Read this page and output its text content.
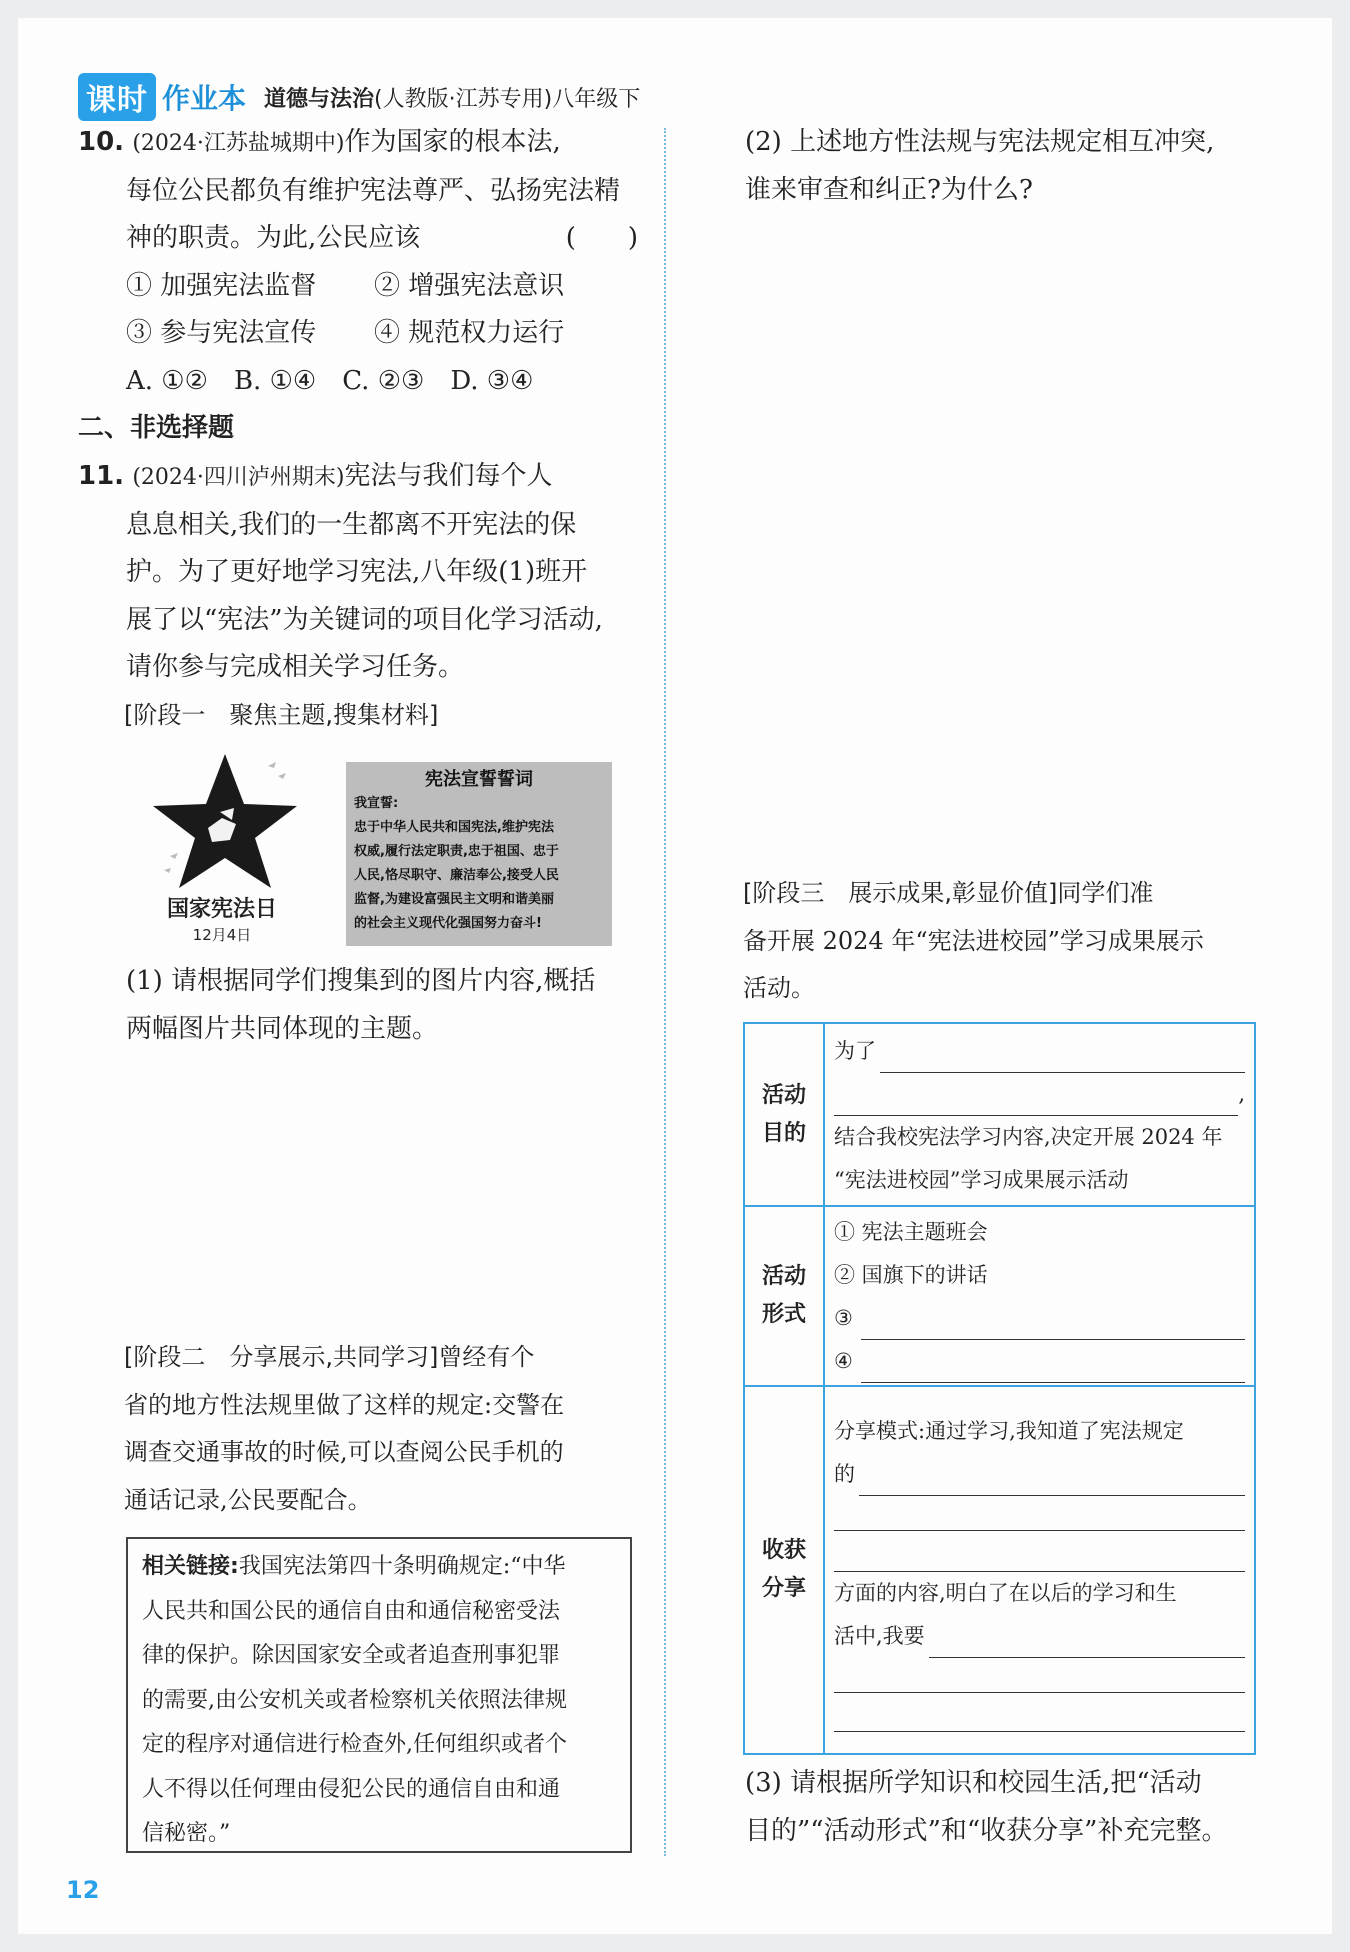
课时 作业本 道德与法治(人教版·江苏专用)八年级下
10. (2024·江苏盐城期中)作为国家的根本法,
每位公民都负有维护宪法尊严、弘扬宪法精
神的职责。为此,公民应该	(　　)
① 加强宪法监督	② 增强宪法意识
③ 参与宪法宣传	④ 规范权力运行
A. ①② B. ①④ C. ②③ D. ③④
二、非选择题
11. (2024·四川泸州期末)宪法与我们每个人
息息相关,我们的一生都离不开宪法的保
护。为了更好地学习宪法,八年级(1)班开
展了以“宪法”为关键词的项目化学习活动,
请你参与完成相关学习任务。
[阶段一　聚焦主题,搜集材料]
国家宪法日
12月4日
宪法宣誓誓词
我宣誓:
忠于中华人民共和国宪法,维护宪法
权威,履行法定职责,忠于祖国、忠于
人民,恪尽职守、廉洁奉公,接受人民
监督,为建设富强民主文明和谐美丽
的社会主义现代化强国努力奋斗!
(1) 请根据同学们搜集到的图片内容,概括
两幅图片共同体现的主题。
[阶段二　分享展示,共同学习]曾经有个
省的地方性法规里做了这样的规定:交警在
调查交通事故的时候,可以查阅公民手机的
通话记录,公民要配合。
相关链接:我国宪法第四十条明确规定:“中华
人民共和国公民的通信自由和通信秘密受法
律的保护。除因国家安全或者追查刑事犯罪
的需要,由公安机关或者检察机关依照法律规
定的程序对通信进行检查外,任何组织或者个
人不得以任何理由侵犯公民的通信自由和通
信秘密。”
(2) 上述地方性法规与宪法规定相互冲突,
谁来审查和纠正?为什么?
[阶段三　展示成果,彰显价值]同学们准
备开展 2024 年“宪法进校园”学习成果展示
活动。
活动目的	为了
,
结合我校宪法学习内容,决定开展 2024 年
“宪法进校园”学习成果展示活动

活动形式	① 宪法主题班会
② 国旗下的讲话
③
④

收获分享	分享模式:通过学习,我知道了宪法规定
的
方面的内容,明白了在以后的学习和生
活中,我要
(3) 请根据所学知识和校园生活,把“活动
目的”“活动形式”和“收获分享”补充完整。
12
